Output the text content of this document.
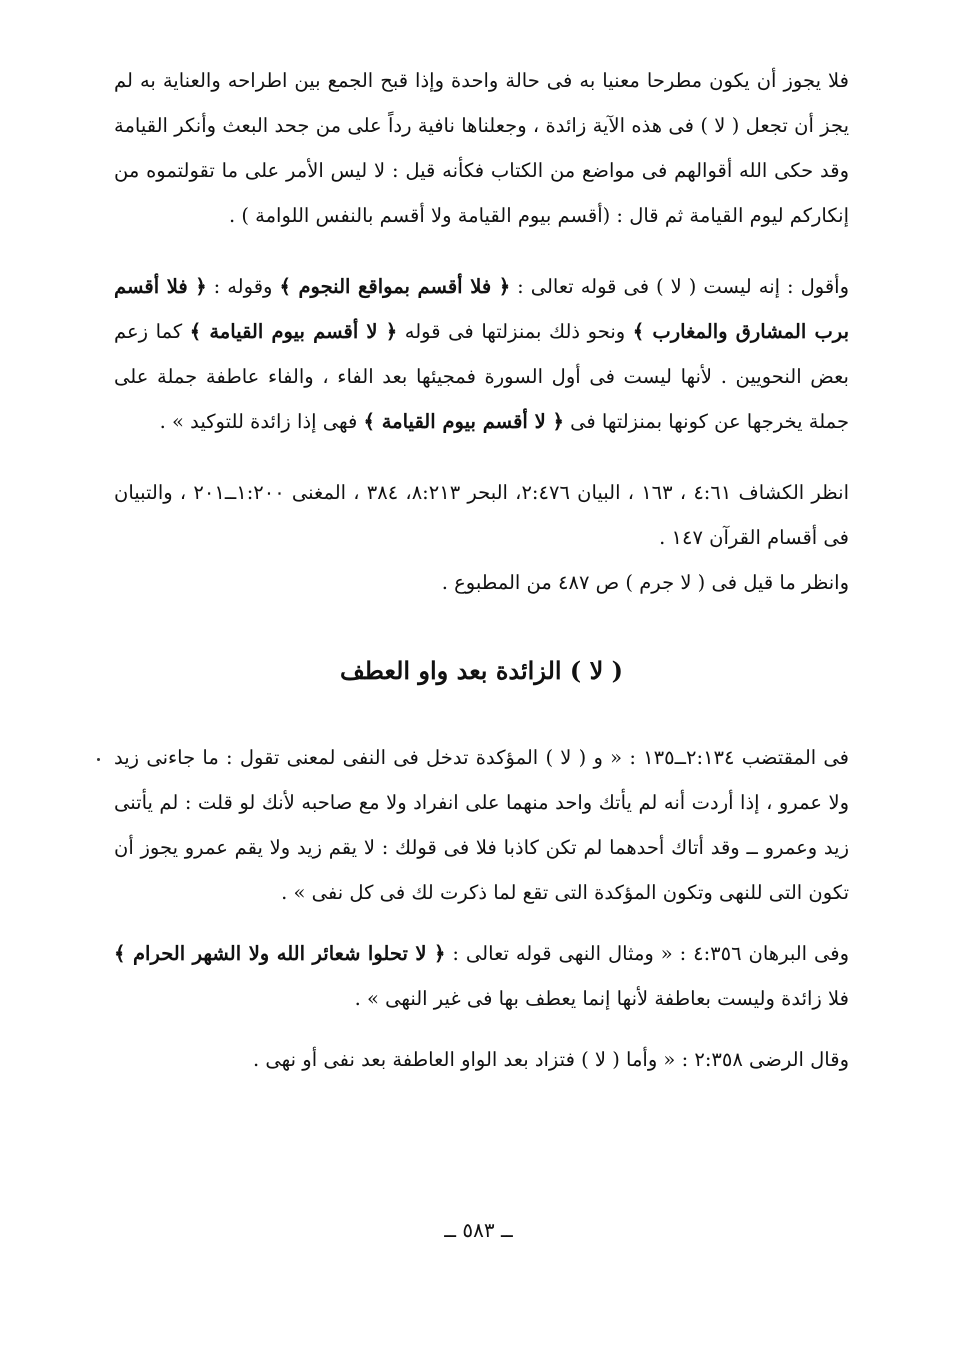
فلا يجوز أن يكون مطرحا معنيا به فى حالة واحدة وإذا قبح الجمع بين اطراحه والعناية به لم يجز أن تجعل ( لا ) فى هذه الآية زائدة ، وجعلناها نافية رداً على من جحد البعث وأنكر القيامة وقد حكى الله أقوالهم فى مواضع من الكتاب فكأنه قيل : لا ليس الأمر على ما تقولتموه من إنكاركم ليوم القيامة ثم قال : (أقسم بيوم القيامة ولا أقسم بالنفس اللوامة ) .

وأقول : إنه ليست ( لا ) فى قوله تعالى : ﴿ فلا أقسم بمواقع النجوم ﴾ وقوله : ﴿ فلا أقسم برب المشارق والمغارب ﴾ ونحو ذلك بمنزلتها فى قوله ﴿ لا أقسم بيوم القيامة ﴾ كما زعم بعض النحويين . لأنها ليست فى أول السورة فمجيئها بعد الفاء ، والفاء عاطفة جملة على جملة يخرجها عن كونها بمنزلتها فى ﴿ لا أقسم بيوم القيامة ﴾ فهى إذا زائدة للتوكيد » .

انظر الكشاف ٤:٦١ ، ١٦٣ ، البيان ٢:٤٧٦، البحر ٨:٢١٣، ٣٨٤ ، المغنى ١:٢٠٠ــ٢٠١ ، والتبيان فى أقسام القرآن ١٤٧ .

وانظر ما قيل فى ( لا جرم ) ص ٤٨٧ من المطبوع .

( لا ) الزائدة بعد واو العطف

فى المقتضب ٢:١٣٤ــ١٣٥ : « و ( لا ) المؤكدة تدخل فى النفى لمعنى تقول : ما جاءنى زيد ولا عمرو ، إذا أردت أنه لم يأتك واحد منهما على انفراد ولا مع صاحبه لأنك لو قلت : لم يأتنى زيد وعمرو ــ وقد أتاك أحدهما لم تكن كاذبا فلا فى قولك : لا يقم زيد ولا يقم عمرو يجوز أن تكون التى للنهى وتكون المؤكدة التى تقع لما ذكرت لك فى كل نفى » .

وفى البرهان ٤:٣٥٦ : « ومثال النهى قوله تعالى : ﴿ لا تحلوا شعائر الله ولا الشهر الحرام ﴾ فلا زائدة وليست بعاطفة لأنها إنما يعطف بها فى غير النهى » .

وقال الرضى ٢:٣٥٨ : « وأما ( لا ) فتزاد بعد الواو العاطفة بعد نفى أو نهى .

ــ ٥٨٣ ــ
